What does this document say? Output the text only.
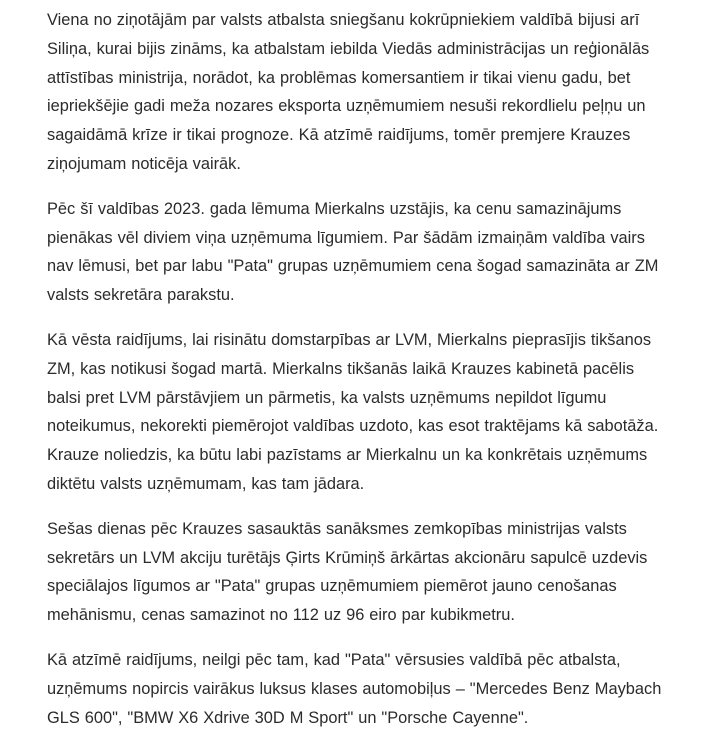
Viena no ziņotājām par valsts atbalsta sniegšanu kokrūpniekiem valdībā bijusi arī Siliņa, kurai bijis zināms, ka atbalstam iebilda Viedās administrācijas un reģionālās attīstības ministrija, norādot, ka problēmas komersantiem ir tikai vienu gadu, bet iepriekšējie gadi meža nozares eksporta uzņēmumiem nesuši rekordlielu peļņu un sagaidāmā krīze ir tikai prognoze. Kā atzīmē raidījums, tomēr premjere Krauzes ziņojumam noticēja vairāk.

Pēc šī valdības 2023. gada lēmuma Mierkalns uzstājis, ka cenu samazinājums pienākas vēl diviem viņa uzņēmuma līgumiem. Par šādām izmaiņām valdība vairs nav lēmusi, bet par labu "Pata" grupas uzņēmumiem cena šogad samazināta ar ZM valsts sekretāra parakstu.

Kā vēsta raidījums, lai risinātu domstarpības ar LVM, Mierkalns pieprasījis tikšanos ZM, kas notikusi šogad martā. Mierkalns tikšanās laikā Krauzes kabinetā pacēlis balsi pret LVM pārstāvjiem un pārmetis, ka valsts uzņēmums nepildot līgumu noteikumus, nekorekti piemērojot valdības uzdoto, kas esot traktējams kā sabotāža. Krauze noliedzis, ka būtu labi pazīstams ar Mierkalnu un ka konkrētais uzņēmums diktētu valsts uzņēmumam, kas tam jādara.

Sešas dienas pēc Krauzes sasauktās sanāksmes zemkopības ministrijas valsts sekretārs un LVM akciju turētājs Ģirts Krūmiņš ārkārtas akcionāru sapulcē uzdevis speciālajos līgumos ar "Pata" grupas uzņēmumiem piemērot jauno cenošanas mehānismu, cenas samazinot no 112 uz 96 eiro par kubikmetru.

Kā atzīmē raidījums, neilgi pēc tam, kad "Pata" vērsusies valdībā pēc atbalsta, uzņēmums nopircis vairākus luksus klases automobiļus – "Mercedes Benz Maybach GLS 600", "BMW X6 Xdrive 30D M Sport" un "Porsche Cayenne".
